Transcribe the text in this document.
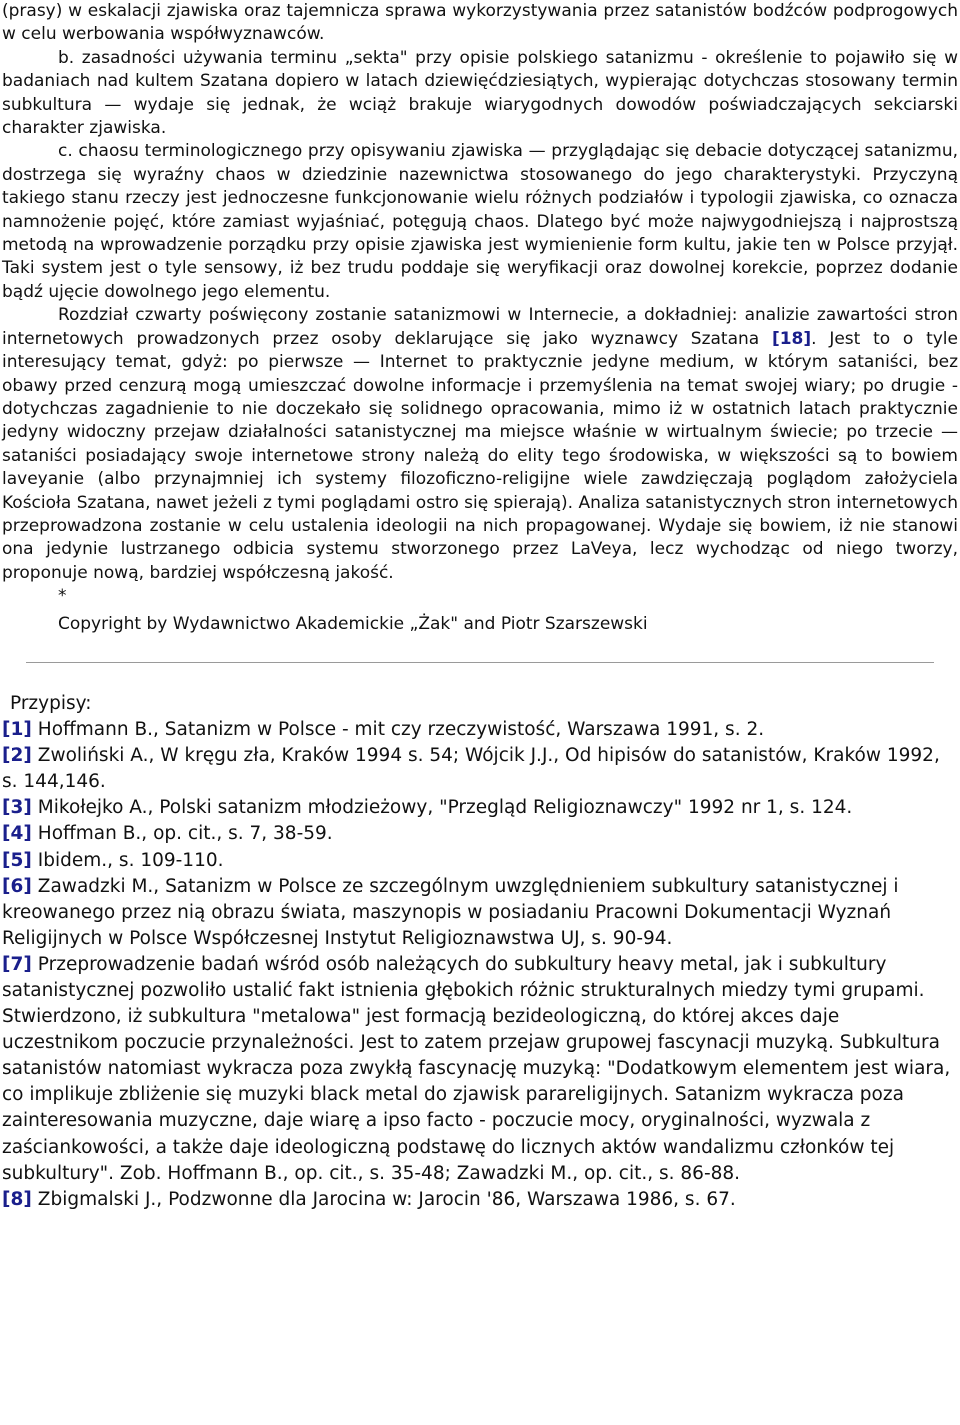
(prasy) w eskalacji zjawiska oraz tajemnicza sprawa wykorzystywania przez satanistów bodźców podprogowych w celu werbowania współwyznawców.

b. zasadności używania terminu „sekta" przy opisie polskiego satanizmu - określenie to pojawiło się w badaniach nad kultem Szatana dopiero w latach dziewięćdziesiątych, wypierając dotychczas stosowany termin subkultura — wydaje się jednak, że wciąż brakuje wiarygodnych dowodów poświadczających sekciarski charakter zjawiska.

c. chaosu terminologicznego przy opisywaniu zjawiska — przyglądając się debacie dotyczącej satanizmu, dostrzega się wyraźny chaos w dziedzinie nazewnictwa stosowanego do jego charakterystyki. Przyczyną takiego stanu rzeczy jest jednoczesne funkcjonowanie wielu różnych podziałów i typologii zjawiska, co oznacza namnożenie pojęć, które zamiast wyjaśniać, potęgują chaos. Dlatego być może najwygodniejszą i najprostszą metodą na wprowadzenie porządku przy opisie zjawiska jest wymienienie form kultu, jakie ten w Polsce przyjął. Taki system jest o tyle sensowy, iż bez trudu poddaje się weryfikacji oraz dowolnej korekcie, poprzez dodanie bądź ujęcie dowolnego jego elementu.

Rozdział czwarty poświęcony zostanie satanizmowi w Internecie, a dokładniej: analizie zawartości stron internetowych prowadzonych przez osoby deklarujące się jako wyznawcy Szatana [18]. Jest to o tyle interesujący temat, gdyż: po pierwsze — Internet to praktycznie jedyne medium, w którym sataniści, bez obawy przed cenzurą mogą umieszczać dowolne informacje i przemyślenia na temat swojej wiary; po drugie - dotychczas zagadnienie to nie doczekało się solidnego opracowania, mimo iż w ostatnich latach praktycznie jedyny widoczny przejaw działalności satanistycznej ma miejsce właśnie w wirtualnym świecie; po trzecie — sataniści posiadający swoje internetowe strony należą do elity tego środowiska, w większości są to bowiem laveyanie (albo przynajmniej ich systemy filozoficzno-religijne wiele zawdzięczają poglądom założyciela Kościoła Szatana, nawet jeżeli z tymi poglądami ostro się spierają). Analiza satanistycznych stron internetowych przeprowadzona zostanie w celu ustalenia ideologii na nich propagowanej. Wydaje się bowiem, iż nie stanowi ona jedynie lustrzanego odbicia systemu stworzonego przez LaVeya, lecz wychodząc od niego tworzy, proponuje nową, bardziej współczesną jakość.

*

Copyright by Wydawnictwo Akademickie „Żak" and Piotr Szarszewski

Przypisy:

[1] Hoffmann B., Satanizm w Polsce - mit czy rzeczywistość, Warszawa 1991, s. 2.

[2] Zwoliński A., W kręgu zła, Kraków 1994 s. 54; Wójcik J.J., Od hipisów do satanistów, Kraków 1992, s. 144,146.

[3] Mikołejko A., Polski satanizm młodzieżowy, "Przegląd Religioznawczy" 1992 nr 1, s. 124.

[4] Hoffman B., op. cit., s. 7, 38-59.

[5] Ibidem., s. 109-110.

[6] Zawadzki M., Satanizm w Polsce ze szczególnym uwzględnieniem subkultury satanistycznej i kreowanego przez nią obrazu świata, maszynopis w posiadaniu Pracowni Dokumentacji Wyznań Religijnych w Polsce Współczesnej Instytut Religioznawstwa UJ, s. 90-94.

[7] Przeprowadzenie badań wśród osób należących do subkultury heavy metal, jak i subkultury satanistycznej pozwoliło ustalić fakt istnienia głębokich różnic strukturalnych miedzy tymi grupami. Stwierdzono, iż subkultura "metalowa" jest formacją bezideologiczną, do której akces daje uczestnikom poczucie przynależności. Jest to zatem przejaw grupowej fascynacji muzyką. Subkultura satanistów natomiast wykracza poza zwykłą fascynację muzyką: "Dodatkowym elementem jest wiara, co implikuje zbliżenie się muzyki black metal do zjawisk parareligijnych. Satanizm wykracza poza zainteresowania muzyczne, daje wiarę a ipso facto - poczucie mocy, oryginalności, wyzwala z zaściankowości, a także daje ideologiczną podstawę do licznych aktów wandalizmu członków tej subkultury". Zob. Hoffmann B., op. cit., s. 35-48; Zawadzki M., op. cit., s. 86-88.

[8] Zbigmalski J., Podzwonne dla Jarocina w: Jarocin '86, Warszawa 1986, s. 67.
